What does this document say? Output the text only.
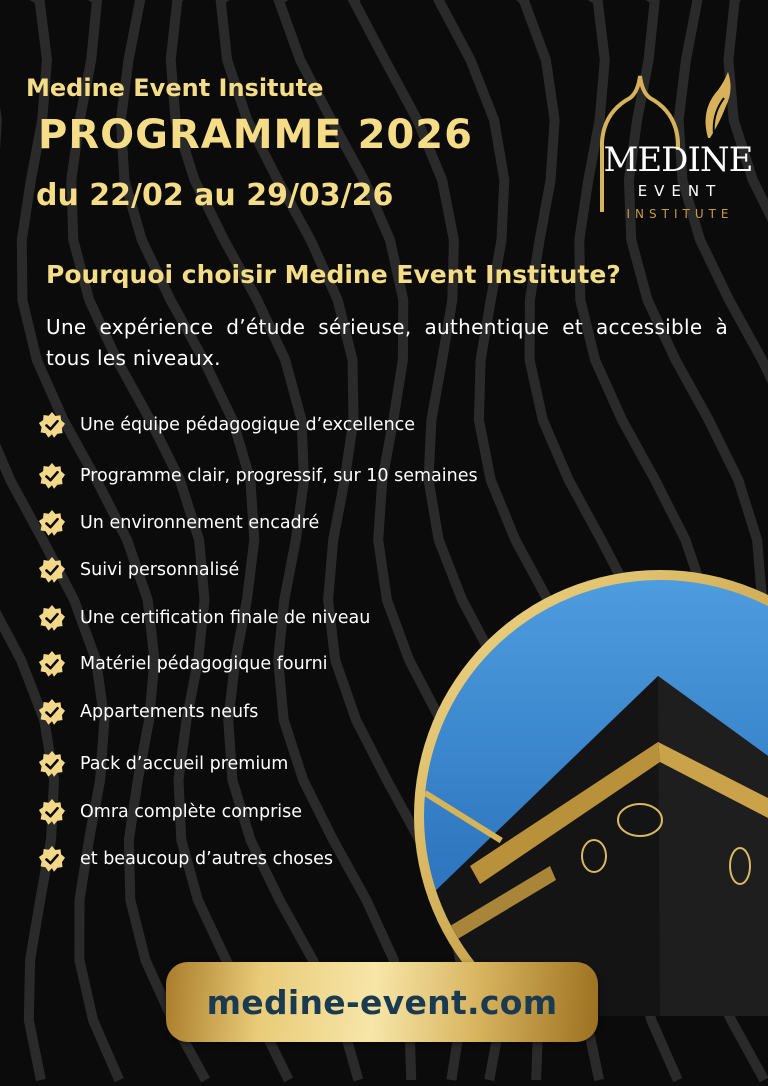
Medine Event Insitute
PROGRAMME 2026
du 22/02 au 29/03/26
MEDINE
EVENT
INSTITUTE
Pourquoi choisir Medine Event Institute?
Une expérience d’étude sérieuse, authentique et accessible à tous les niveaux.
Une équipe pédagogique d’excellence
Programme clair, progressif, sur 10 semaines
Un environnement encadré
Suivi personnalisé
Une certification finale de niveau
Matériel pédagogique fourni
Appartements neufs
Pack d’accueil premium
Omra complète comprise
et beaucoup d’autres choses
medine-event.com
